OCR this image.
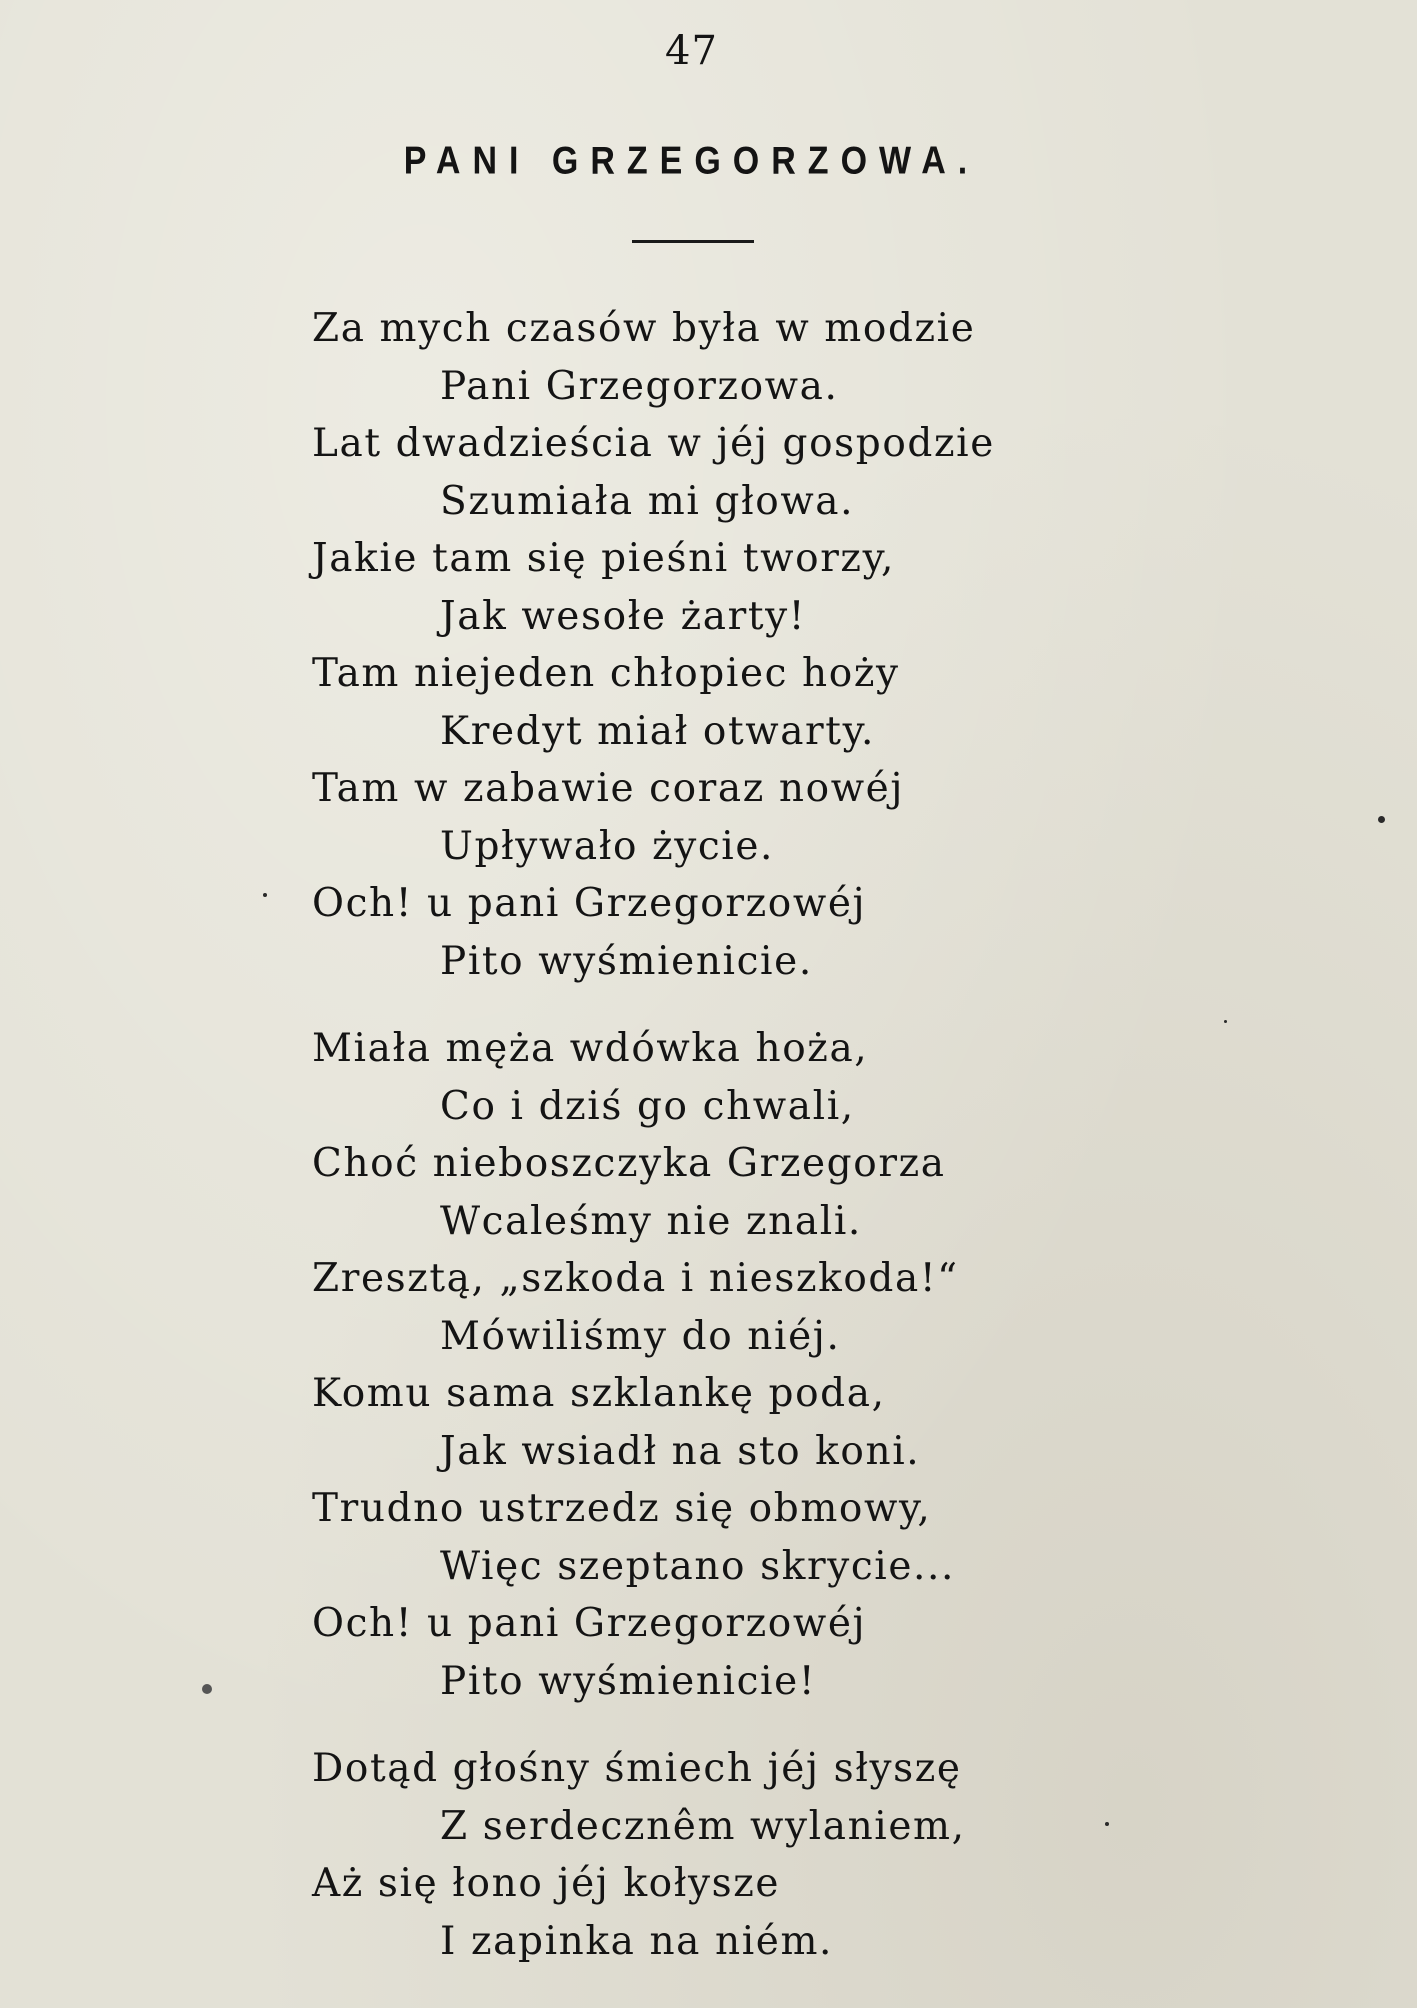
47
PANI GRZEGORZOWA.
Za mych czasów była w modzie
Pani Grzegorzowa.
Lat dwadzieścia w jéj gospodzie
Szumiała mi głowa.
Jakie tam się pieśni tworzy,
Jak wesołe żarty!
Tam niejeden chłopiec hoży
Kredyt miał otwarty.
Tam w zabawie coraz nowéj
Upływało życie.
Och! u pani Grzegorzowéj
Pito wyśmienicie.
Miała męża wdówka hoża,
Co i dziś go chwali,
Choć nieboszczyka Grzegorza
Wcaleśmy nie znali.
Zresztą, „szkoda i nieszkoda!“
Mówiliśmy do niéj.
Komu sama szklankę poda,
Jak wsiadł na sto koni.
Trudno ustrzedz się obmowy,
Więc szeptano skrycie...
Och! u pani Grzegorzowéj
Pito wyśmienicie!
Dotąd głośny śmiech jéj słyszę
Z serdecznêm wylaniem,
Aż się łono jéj kołysze
I zapinka na niém.
